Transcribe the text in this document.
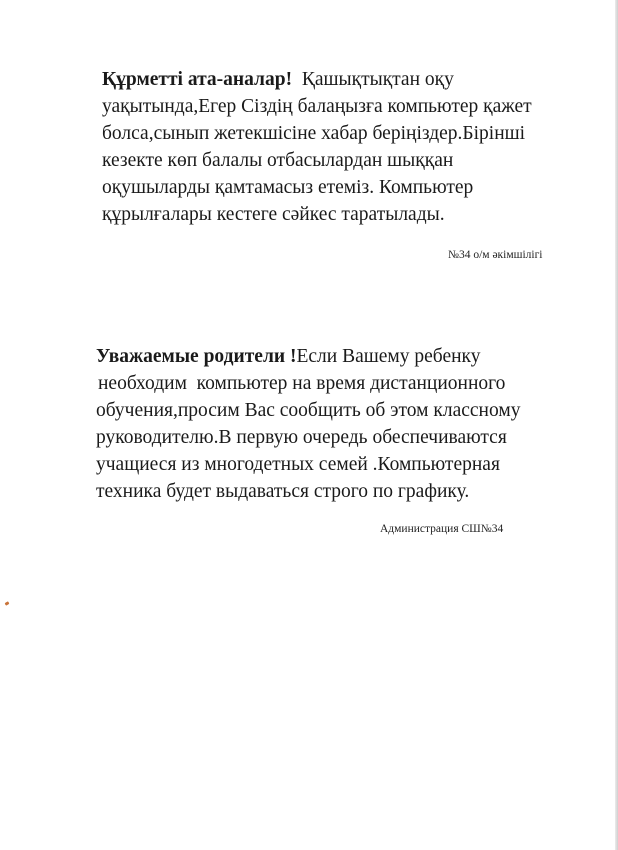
Құрметті ата-аналар!  Қашықтықтан оқу
уақытында,Егер Сіздің балаңызға компьютер қажет
болса,сынып жетекшісіне хабар беріңіздер.Бірінші
кезекте көп балалы отбасылардан шыққан
оқушыларды қамтамасыз етеміз. Компьютер
құрылғалары кестеге сәйкес таратылады.
№34 о/м әкімшілігі
Уважаемые родители !Если Вашему ребенку
необходим  компьютер на время дистанционного
обучения,просим Вас сообщить об этом классному
руководителю.В первую очередь обеспечиваются
учащиеся из многодетных семей .Компьютерная
техника будет выдаваться строго по графику.
Администрация СШ№34
